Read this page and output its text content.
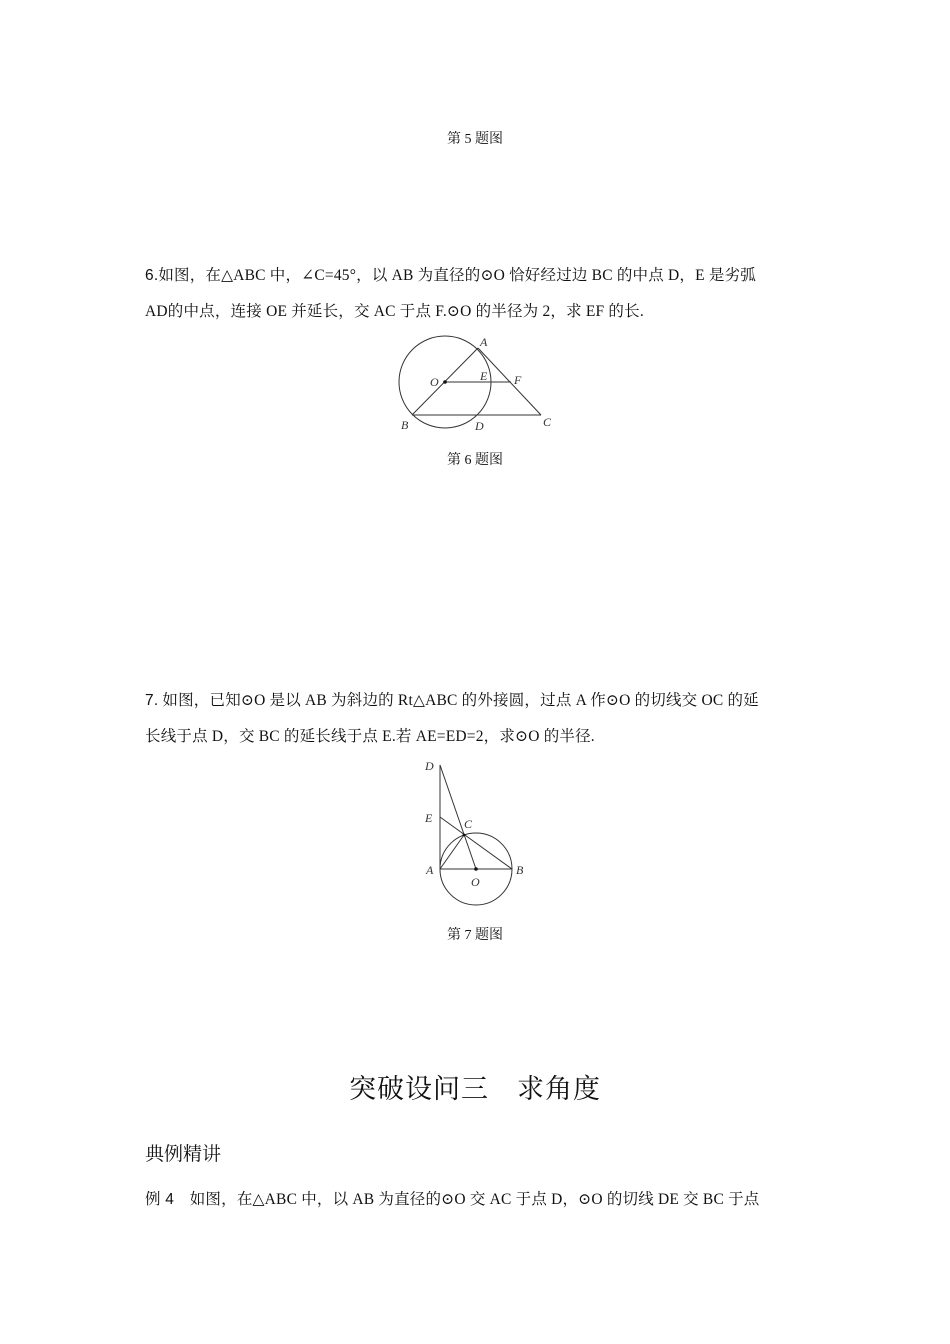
第 5 题图
6.如图，在△ABC 中，∠C=45°，以 AB 为直径的⊙O 恰好经过边 BC 的中点 D，E 是劣弧
AD的中点，连接 OE 并延长，交 AC 于点 F.⊙O 的半径为 2，求 EF 的长.
A
O	E F
B	D	C
第 6 题图
7. 如图，已知⊙O 是以 AB 为斜边的 Rt△ABC 的外接圆，过点 A 作⊙O 的切线交 OC 的延
长线于点 D，交 BC 的延长线于点 E.若 AE=ED=2，求⊙O 的半径.
D
E	C
A	B
O
第 7 题图
突破设问三　求角度
典例精讲
例 4　如图，在△ABC 中，以 AB 为直径的⊙O 交 AC 于点 D，⊙O 的切线 DE 交 BC 于点
